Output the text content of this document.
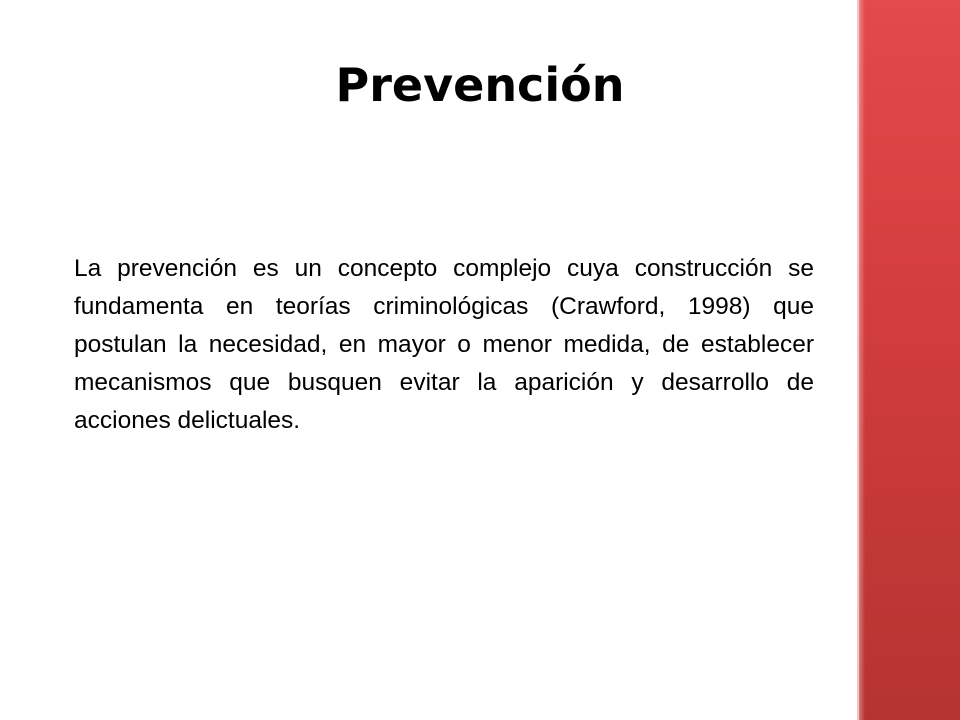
Prevención

La prevención es un concepto complejo cuya construcción se fundamenta en teorías criminológicas (Crawford, 1998) que postulan la necesidad, en mayor o menor medida, de establecer mecanismos que busquen evitar la aparición y desarrollo de acciones delictuales.
